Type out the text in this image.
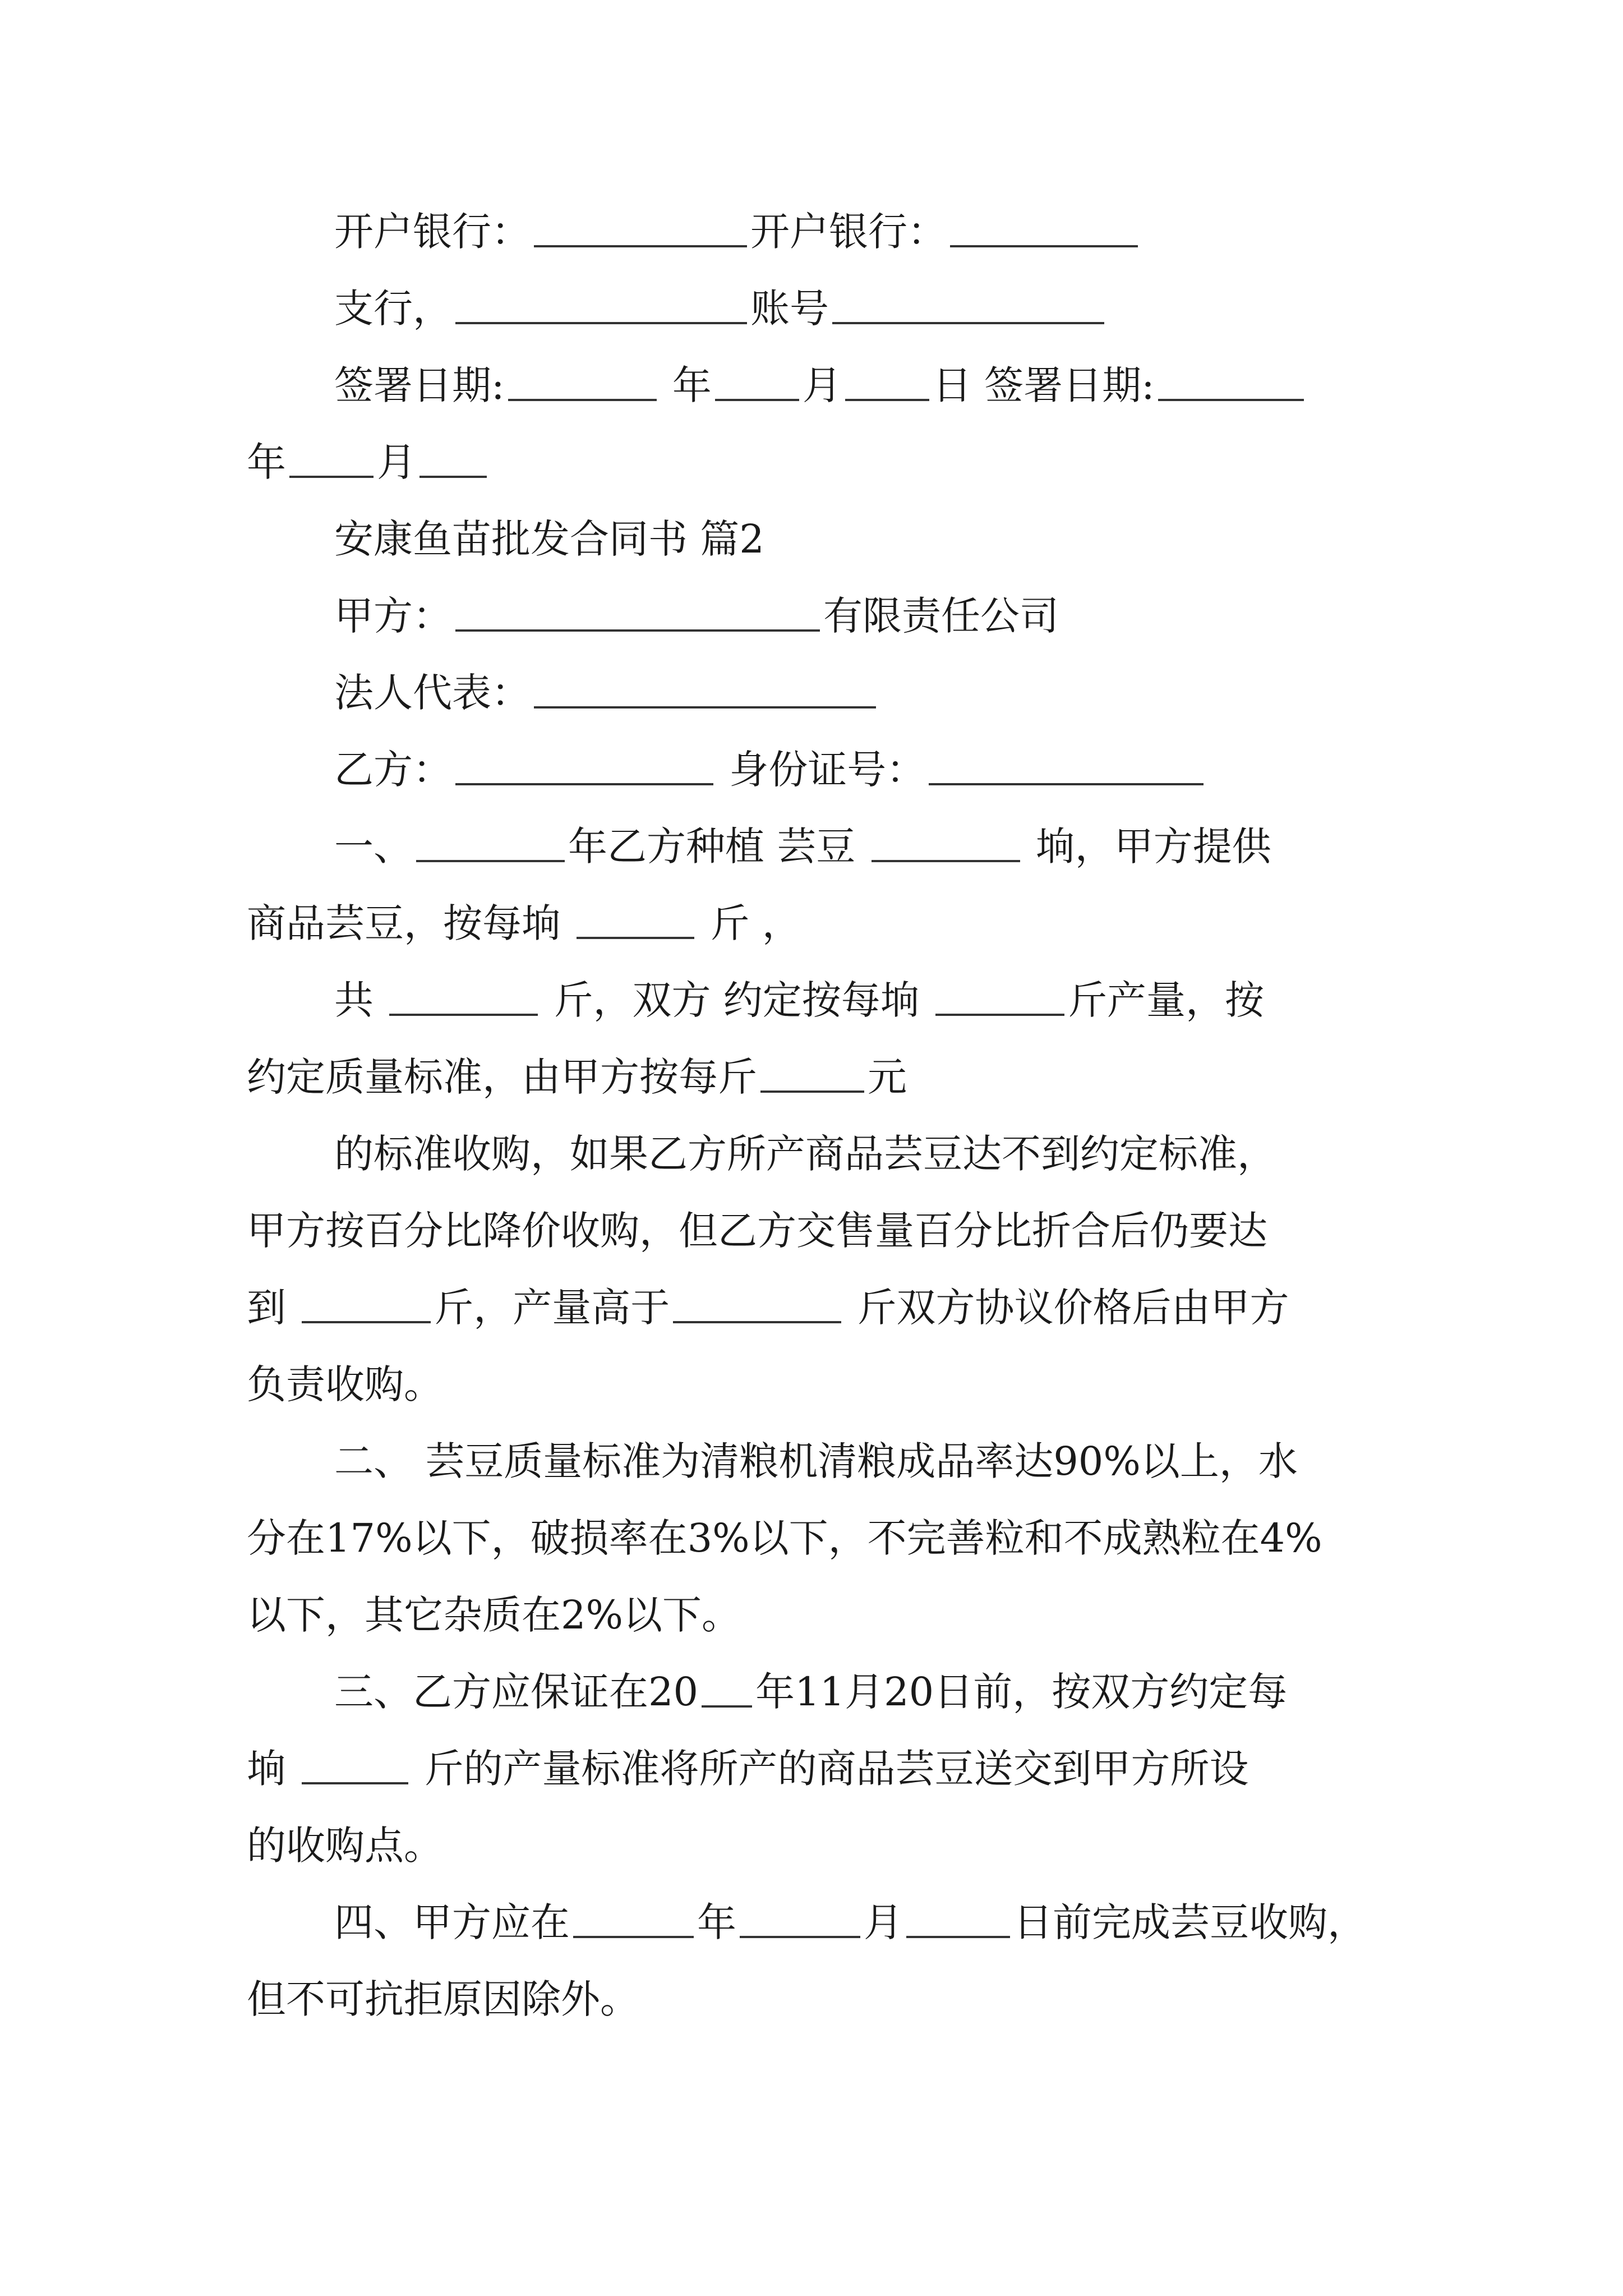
开户银行：	开户银行：
支行，	账号
签署日期:	年 月 日 签署日期:
年 月
安康鱼苗批发合同书 篇2
甲方：	有限责任公司
法人代表：
乙方：	身份证号：
一、	年乙方种植 芸豆	垧，甲方提供
商品芸豆，按每垧	斤 ，
共	斤，双方 约定按每垧	斤产量，按
约定质量标准，由甲方按每斤	元
的标准收购，如果乙方所产商品芸豆达不到约定标准，
甲方按百分比降价收购，但乙方交售量百分比折合后仍要达
到	斤，产量高于	斤双方协议价格后由甲方
负责收购。
二、 芸豆质量标准为清粮机清粮成品率达90%以上，水
分在17%以下，破损率在3%以下，不完善粒和不成熟粒在4%
以下，其它杂质在2%以下。
三、乙方应保证在20 年11月20日前，按双方约定每
垧	斤的产量标准将所产的商品芸豆送交到甲方所设
的收购点。
四、甲方应在	年	月	日前完成芸豆收购，
但不可抗拒原因除外。
